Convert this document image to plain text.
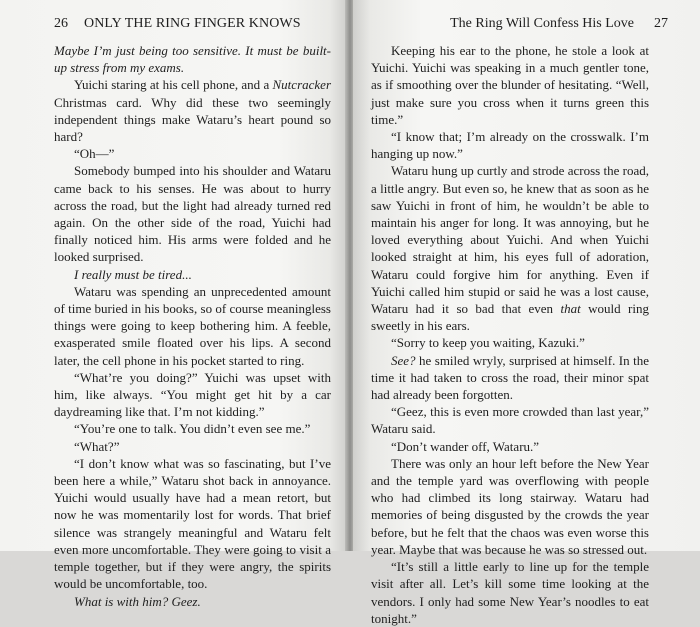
26 ONLY THE RING FINGER KNOWS

Maybe I’m just being too sensitive. It must be built-up stress from my exams.

Yuichi staring at his cell phone, and a Nutcracker Christmas card. Why did these two seemingly independent things make Wataru’s heart pound so hard?

“Oh—”

Somebody bumped into his shoulder and Wataru came back to his senses. He was about to hurry across the road, but the light had already turned red again. On the other side of the road, Yuichi had finally noticed him. His arms were folded and he looked surprised.

I really must be tired...

Wataru was spending an unprecedented amount of time buried in his books, so of course meaningless things were going to keep bothering him. A feeble, exasperated smile floated over his lips. A second later, the cell phone in his pocket started to ring.

“What’re you doing?” Yuichi was upset with him, like always. “You might get hit by a car daydreaming like that. I’m not kidding.”

“You’re one to talk. You didn’t even see me.”

“What?”

“I don’t know what was so fascinating, but I’ve been here a while,” Wataru shot back in annoyance. Yuichi would usually have had a mean retort, but now he was momentarily lost for words. That brief silence was strangely meaningful and Wataru felt even more uncomfortable. They were going to visit a temple together, but if they were angry, the spirits would be uncomfortable, too.

What is with him? Geez.

The Ring Will Confess His Love 27

Keeping his ear to the phone, he stole a look at Yuichi. Yuichi was speaking in a much gentler tone, as if smoothing over the blunder of hesitating. “Well, just make sure you cross when it turns green this time.”

“I know that; I’m already on the crosswalk. I’m hanging up now.”

Wataru hung up curtly and strode across the road, a little angry. But even so, he knew that as soon as he saw Yuichi in front of him, he wouldn’t be able to maintain his anger for long. It was annoying, but he loved everything about Yuichi. And when Yuichi looked straight at him, his eyes full of adoration, Wataru could forgive him for anything. Even if Yuichi called him stupid or said he was a lost cause, Wataru had it so bad that even that would ring sweetly in his ears.

“Sorry to keep you waiting, Kazuki.”

See? he smiled wryly, surprised at himself. In the time it had taken to cross the road, their minor spat had already been forgotten.

“Geez, this is even more crowded than last year,” Wataru said.

“Don’t wander off, Wataru.”

There was only an hour left before the New Year and the temple yard was overflowing with people who had climbed its long stairway. Wataru had memories of being disgusted by the crowds the year before, but he felt that the chaos was even worse this year. Maybe that was because he was so stressed out.

“It’s still a little early to line up for the temple visit after all. Let’s kill some time looking at the vendors. I only had some New Year’s noodles to eat tonight.”
